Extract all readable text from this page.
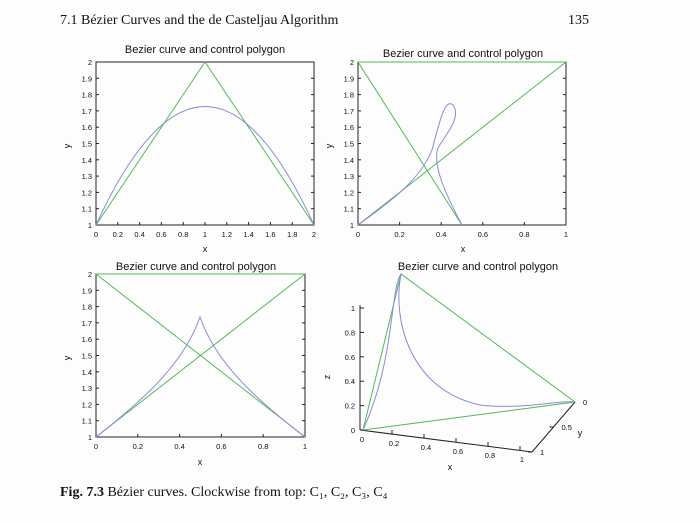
7.1 Bézier Curves and the de Casteljau Algorithm	135
Bezier curve and control polygon
0 0.2 0.4 0.6 0.8 1 1.2 1.4 1.6 1.8 2
1
1.1
1.2
1.3
1.4
1.5
1.6
1.7
1.8
1.9
2
x
y
Bezier curve and control polygon
0	0.2	0.4	0.6	0.8	1
1
1.1
1.2
1.3
1.4
1.5
1.6
1.7
1.8
1.9
2
x
y
Bezier curve and control polygon
0	0.2	0.4	0.6	0.8	1
1
1.1
1.2
1.3
1.4
1.5
1.6
1.7
1.8
1.9
2
x
y
Bezier curve and control polygon
0
0.2
0.4
0.6
0.8
1
0	0.2	0.4	0.6	0.8	1
0
0.5
1
x
y
z
Fig. 7.3 Bézier curves. Clockwise from top: C₁, C₂, C₃, C₄
